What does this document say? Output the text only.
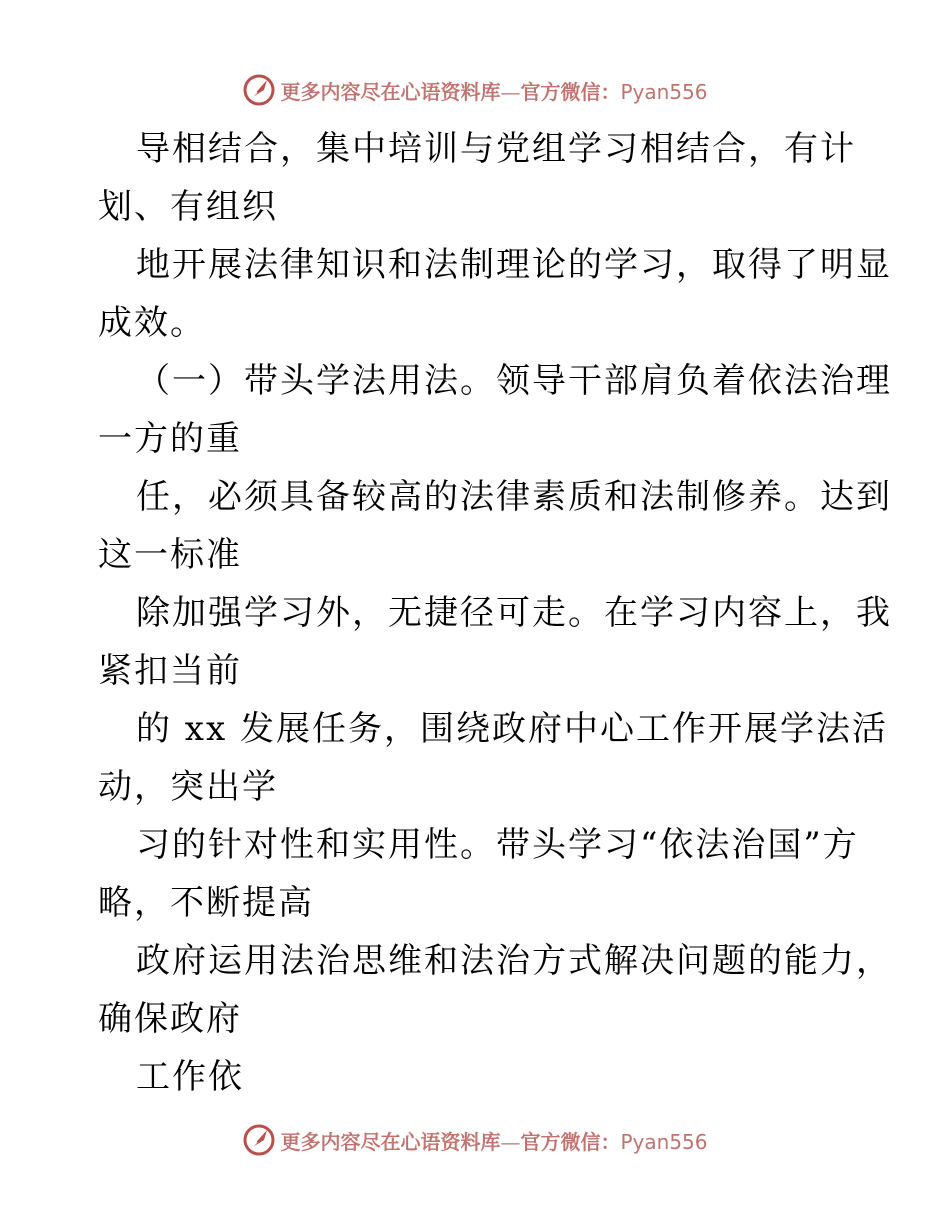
更多内容尽在心语资料库—官方微信：Pyan556
导相结合，集中培训与党组学习相结合，有计
划、有组织
地开展法律知识和法制理论的学习，取得了明显
成效。
（一）带头学法用法。领导干部肩负着依法治理
一方的重
任，必须具备较高的法律素质和法制修养。达到
这一标准
除加强学习外，无捷径可走。在学习内容上，我
紧扣当前
的 xx 发展任务，围绕政府中心工作开展学法活
动，突出学
习的针对性和实用性。带头学习“依法治国”方
略，不断提高
政府运用法治思维和法治方式解决问题的能力，
确保政府
工作依
更多内容尽在心语资料库—官方微信：Pyan556
